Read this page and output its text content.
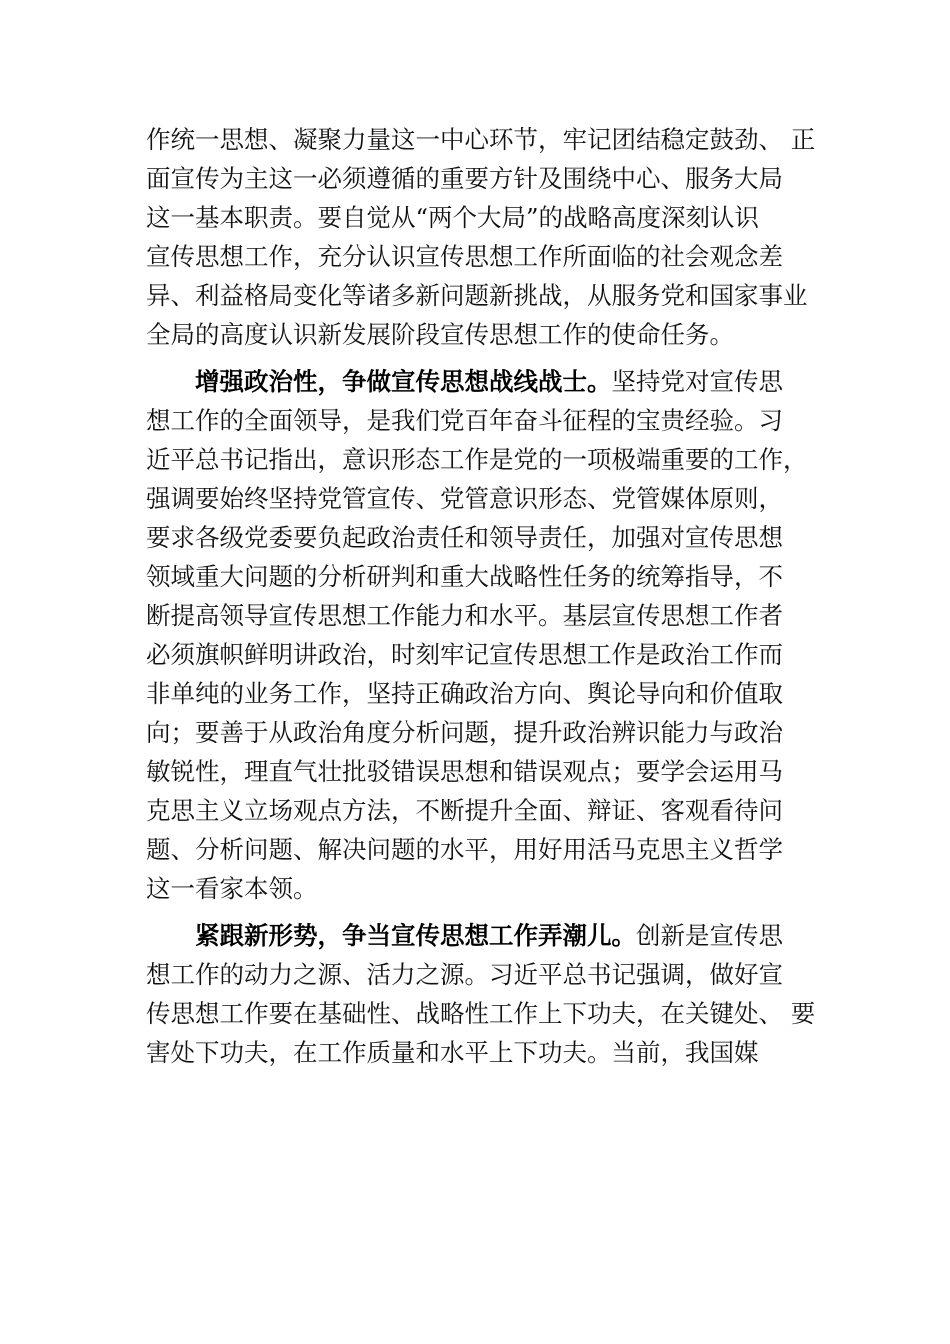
作统一思想、凝聚力量这一中心环节，牢记团结稳定鼓劲、 正
面宣传为主这一必须遵循的重要方针及围绕中心、服务大局
这一基本职责。要自觉从“两个大局”的战略高度深刻认识
宣传思想工作，充分认识宣传思想工作所面临的社会观念差
异、利益格局变化等诸多新问题新挑战，从服务党和国家事业
全局的高度认识新发展阶段宣传思想工作的使命任务。
增强政治性，争做宣传思想战线战士。坚持党对宣传思
想工作的全面领导，是我们党百年奋斗征程的宝贵经验。习
近平总书记指出，意识形态工作是党的一项极端重要的工作，
强调要始终坚持党管宣传、党管意识形态、党管媒体原则，
要求各级党委要负起政治责任和领导责任，加强对宣传思想
领域重大问题的分析研判和重大战略性任务的统筹指导，不
断提高领导宣传思想工作能力和水平。基层宣传思想工作者
必须旗帜鲜明讲政治，时刻牢记宣传思想工作是政治工作而
非单纯的业务工作，坚持正确政治方向、舆论导向和价值取
向；要善于从政治角度分析问题，提升政治辨识能力与政治
敏锐性，理直气壮批驳错误思想和错误观点；要学会运用马
克思主义立场观点方法，不断提升全面、辩证、客观看待问
题、分析问题、解决问题的水平，用好用活马克思主义哲学
这一看家本领。
紧跟新形势，争当宣传思想工作弄潮儿。创新是宣传思
想工作的动力之源、活力之源。习近平总书记强调，做好宣
传思想工作要在基础性、战略性工作上下功夫，在关键处、 要
害处下功夫，在工作质量和水平上下功夫。当前，我国媒
